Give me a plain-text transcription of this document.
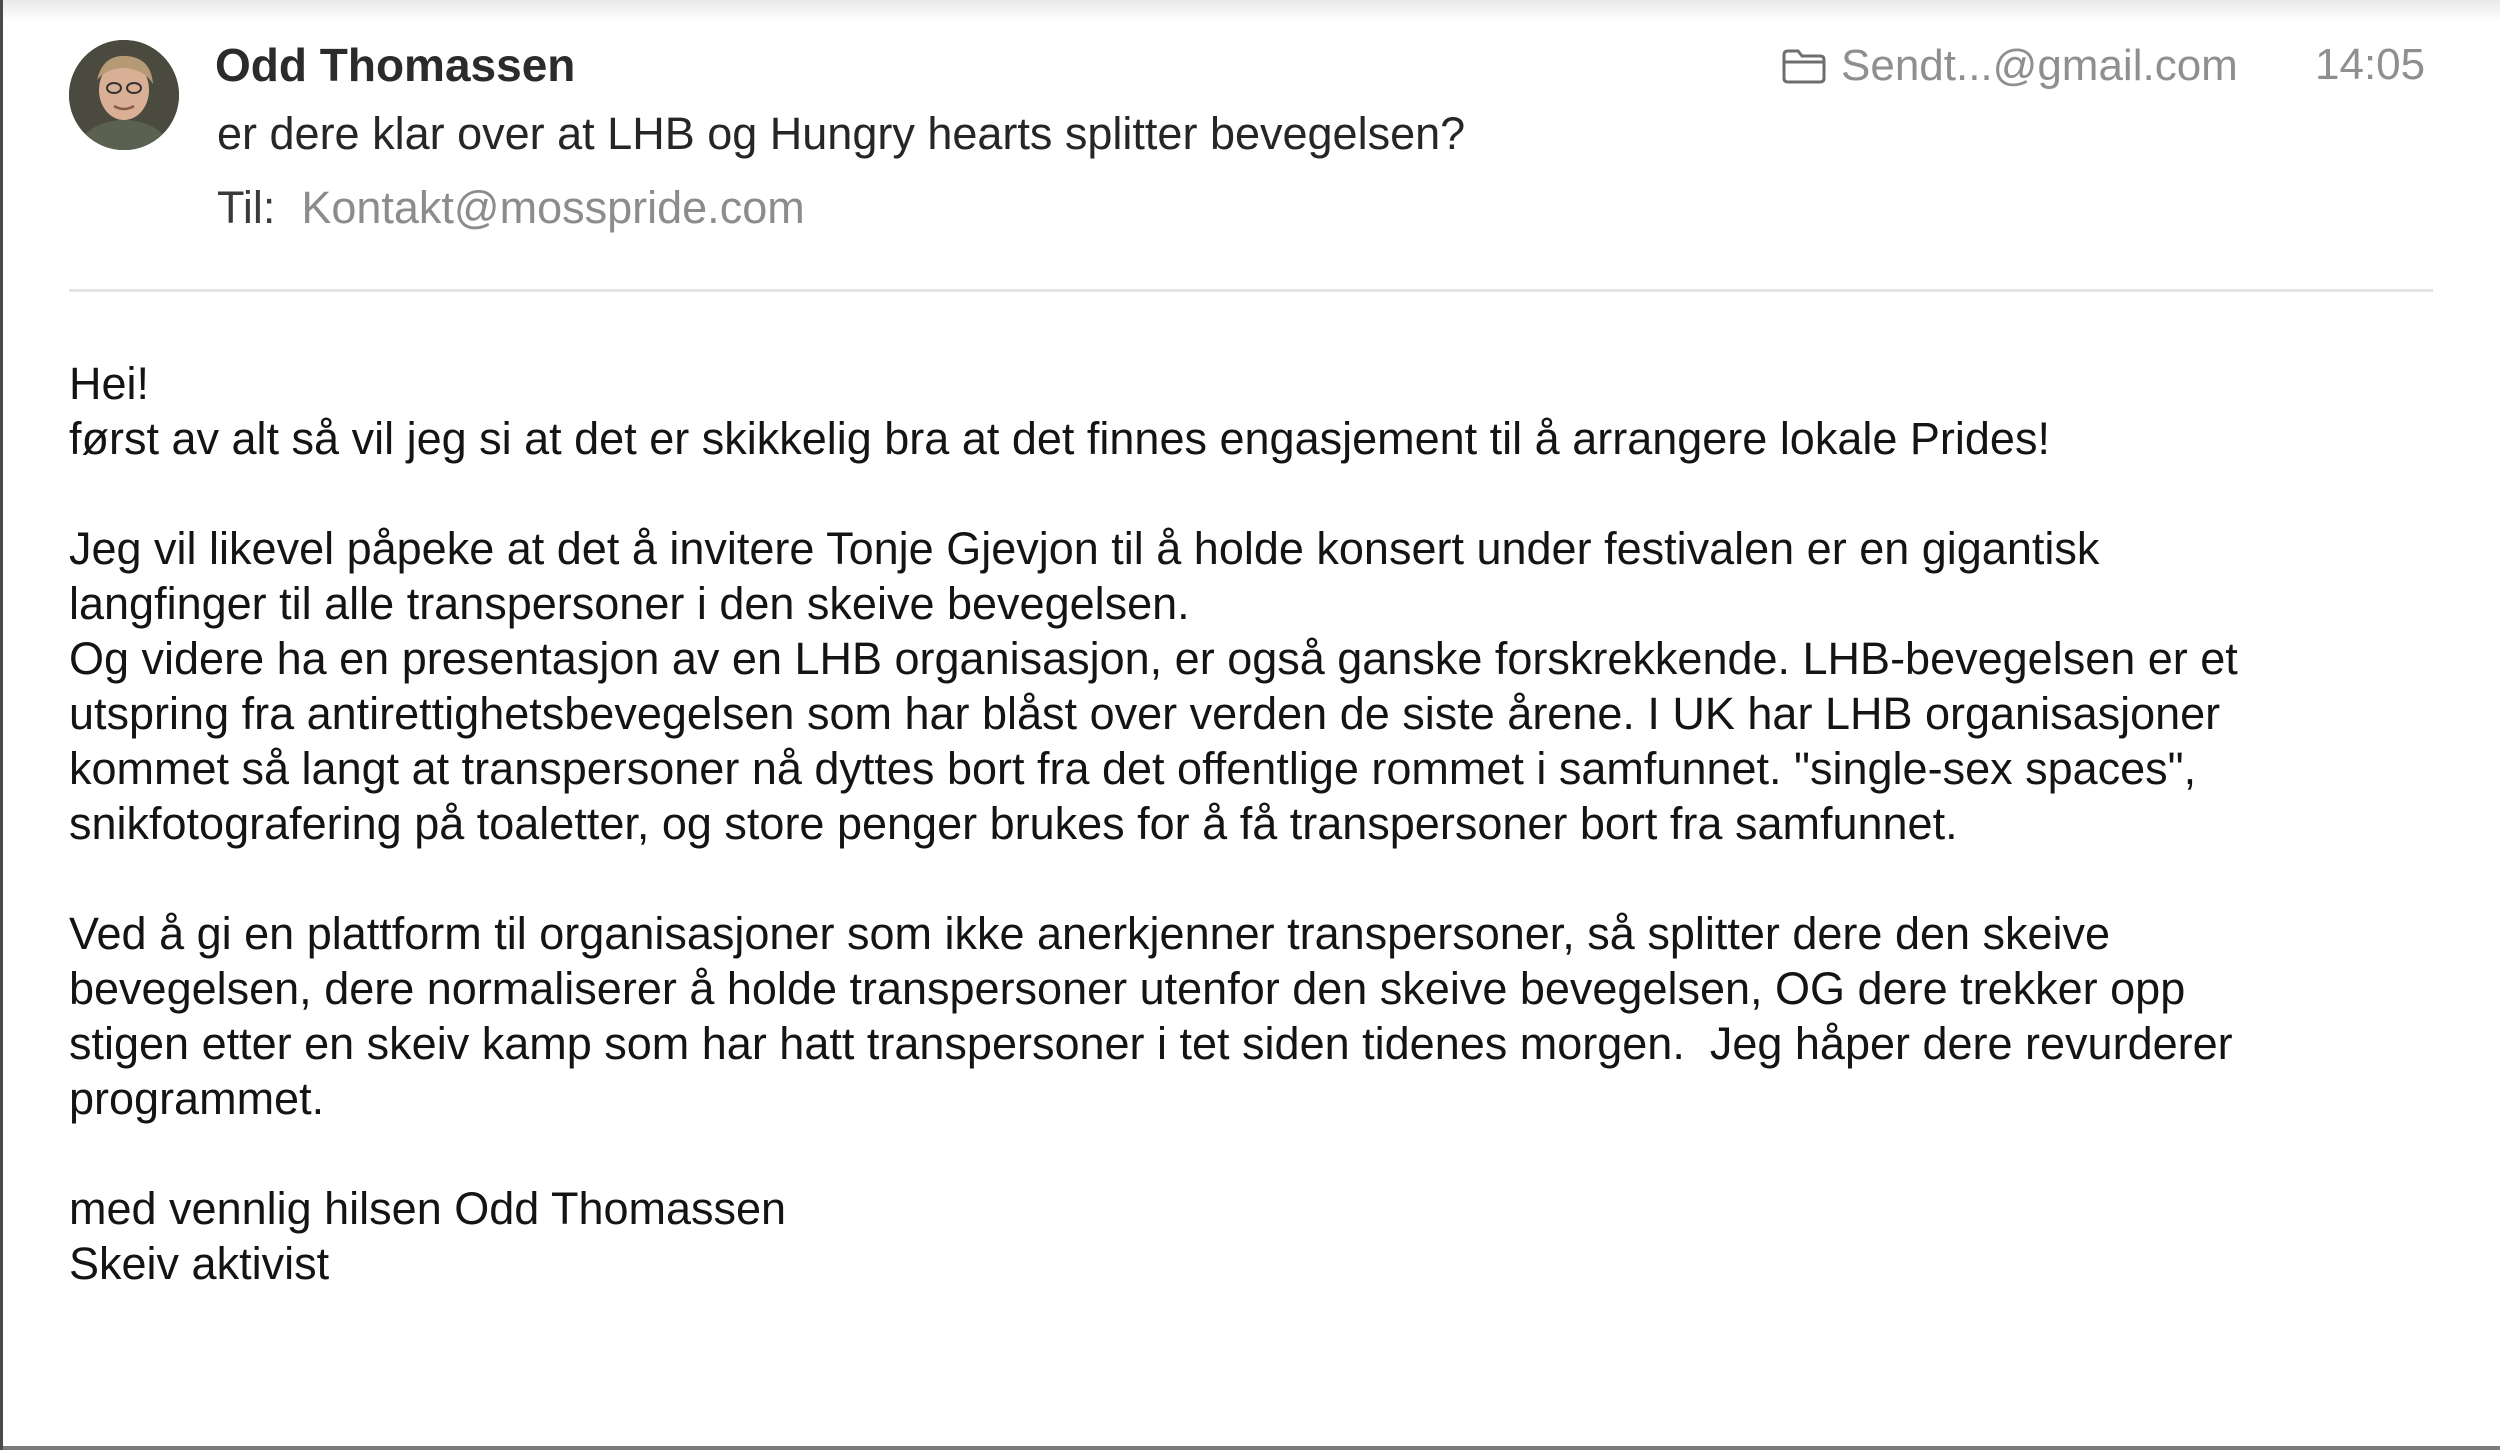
Odd Thomassen	Sendt...@gmail.com 14:05
er dere klar over at LHB og Hungry hearts splitter bevegelsen?
Til: Kontakt@mosspride.com

Hei!

først av alt så vil jeg si at det er skikkelig bra at det finnes engasjement til å arrangere lokale Prides!

Jeg vil likevel påpeke at det å invitere Tonje Gjevjon til å holde konsert under festivalen er en gigantisk

langfinger til alle transpersoner i den skeive bevegelsen.

Og videre ha en presentasjon av en LHB organisasjon, er også ganske forskrekkende. LHB-bevegelsen er et

utspring fra antirettighetsbevegelsen som har blåst over verden de siste årene. I UK har LHB organisasjoner

kommet så langt at transpersoner nå dyttes bort fra det offentlige rommet i samfunnet. "single-sex spaces",

snikfotografering på toaletter, og store penger brukes for å få transpersoner bort fra samfunnet.

Ved å gi en plattform til organisasjoner som ikke anerkjenner transpersoner, så splitter dere den skeive

bevegelsen, dere normaliserer å holde transpersoner utenfor den skeive bevegelsen, OG dere trekker opp

stigen etter en skeiv kamp som har hatt transpersoner i tet siden tidenes morgen.  Jeg håper dere revurderer

programmet.

med vennlig hilsen Odd Thomassen

Skeiv aktivist
